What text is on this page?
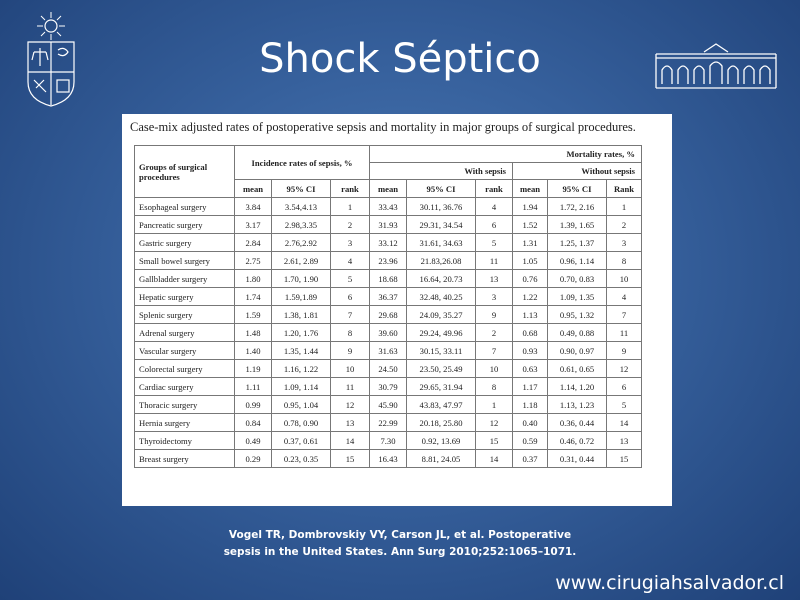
Shock Séptico
Case-mix adjusted rates of postoperative sepsis and mortality in major groups of surgical procedures.
Groups of surgical procedures	Incidence rates of sepsis, %			Mortality rates, %					
				With sepsis			Without sepsis		
	mean	95% CI	rank	mean	95% CI	rank	mean	95% CI	Rank
Esophageal surgery	3.84	3.54,4.13	1	33.43	30.11, 36.76	4	1.94	1.72, 2.16	1
Pancreatic surgery	3.17	2.98,3.35	2	31.93	29.31, 34.54	6	1.52	1.39, 1.65	2
Gastric surgery	2.84	2.76,2.92	3	33.12	31.61, 34.63	5	1.31	1.25, 1.37	3
Small bowel surgery	2.75	2.61, 2.89	4	23.96	21.83,26.08	11	1.05	0.96, 1.14	8
Gallbladder surgery	1.80	1.70, 1.90	5	18.68	16.64, 20.73	13	0.76	0.70, 0.83	10
Hepatic surgery	1.74	1.59,1.89	6	36.37	32.48, 40.25	3	1.22	1.09, 1.35	4
Splenic surgery	1.59	1.38, 1.81	7	29.68	24.09, 35.27	9	1.13	0.95, 1.32	7
Adrenal surgery	1.48	1.20, 1.76	8	39.60	29.24, 49.96	2	0.68	0.49, 0.88	11
Vascular surgery	1.40	1.35, 1.44	9	31.63	30.15, 33.11	7	0.93	0.90, 0.97	9
Colorectal surgery	1.19	1.16, 1.22	10	24.50	23.50, 25.49	10	0.63	0.61, 0.65	12
Cardiac surgery	1.11	1.09, 1.14	11	30.79	29.65, 31.94	8	1.17	1.14, 1.20	6
Thoracic surgery	0.99	0.95, 1.04	12	45.90	43.83, 47.97	1	1.18	1.13, 1.23	5
Hernia surgery	0.84	0.78, 0.90	13	22.99	20.18, 25.80	12	0.40	0.36, 0.44	14
Thyroidectomy	0.49	0.37, 0.61	14	7.30	0.92, 13.69	15	0.59	0.46, 0.72	13
Breast surgery	0.29	0.23, 0.35	15	16.43	8.81, 24.05	14	0.37	0.31, 0.44	15
Vogel TR, Dombrovskiy VY, Carson JL, et al. Postoperative
sepsis in the United States. Ann Surg 2010;252:1065–1071.
www.cirugiahsalvador.cl
